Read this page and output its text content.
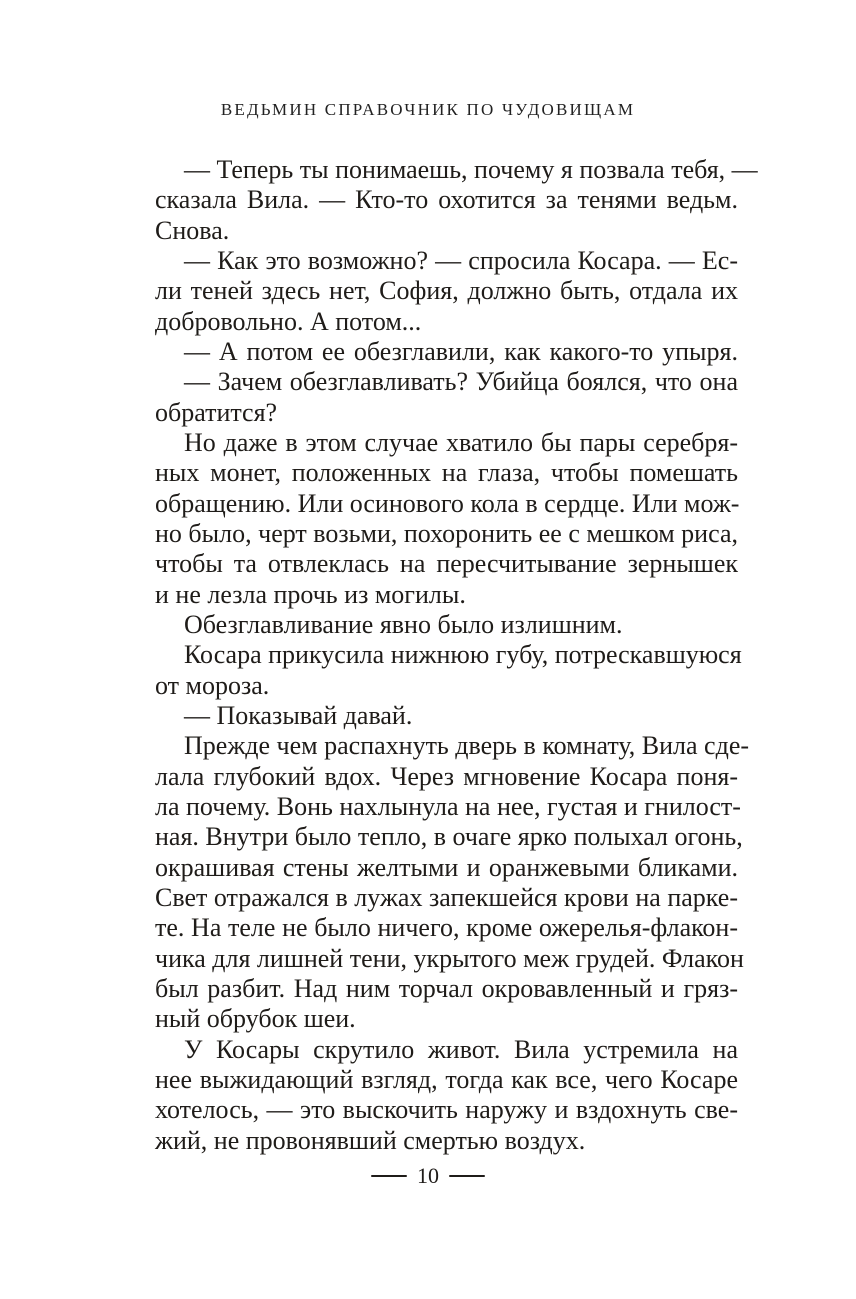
ВЕДЬМИН СПРАВОЧНИК ПО ЧУДОВИЩАМ
— Теперь ты понимаешь, почему я позвала тебя, —
сказала Вила. — Кто-то охотится за тенями ведьм.
Снова.
— Как это возможно? — спросила Косара. — Ес-
ли теней здесь нет, София, должно быть, отдала их
добровольно. А потом...
— А потом ее обезглавили, как какого-то упыря.
— Зачем обезглавливать? Убийца боялся, что она
обратится?
Но даже в этом случае хватило бы пары серебря-
ных монет, положенных на глаза, чтобы помешать
обращению. Или осинового кола в сердце. Или мож-
но было, черт возьми, похоронить ее с мешком риса,
чтобы та отвлеклась на пересчитывание зернышек
и не лезла прочь из могилы.
Обезглавливание явно было излишним.
Косара прикусила нижнюю губу, потрескавшуюся
от мороза.
— Показывай давай.
Прежде чем распахнуть дверь в комнату, Вила сде-
лала глубокий вдох. Через мгновение Косара поня-
ла почему. Вонь нахлынула на нее, густая и гнилост-
ная. Внутри было тепло, в очаге ярко полыхал огонь,
окрашивая стены желтыми и оранжевыми бликами.
Свет отражался в лужах запекшейся крови на парке-
те. На теле не было ничего, кроме ожерелья-флакон-
чика для лишней тени, укрытого меж грудей. Флакон
был разбит. Над ним торчал окровавленный и гряз-
ный обрубок шеи.
У Косары скрутило живот. Вила устремила на
нее выжидающий взгляд, тогда как все, чего Косаре
хотелось, — это выскочить наружу и вздохнуть све-
жий, не провонявший смертью воздух.
10
